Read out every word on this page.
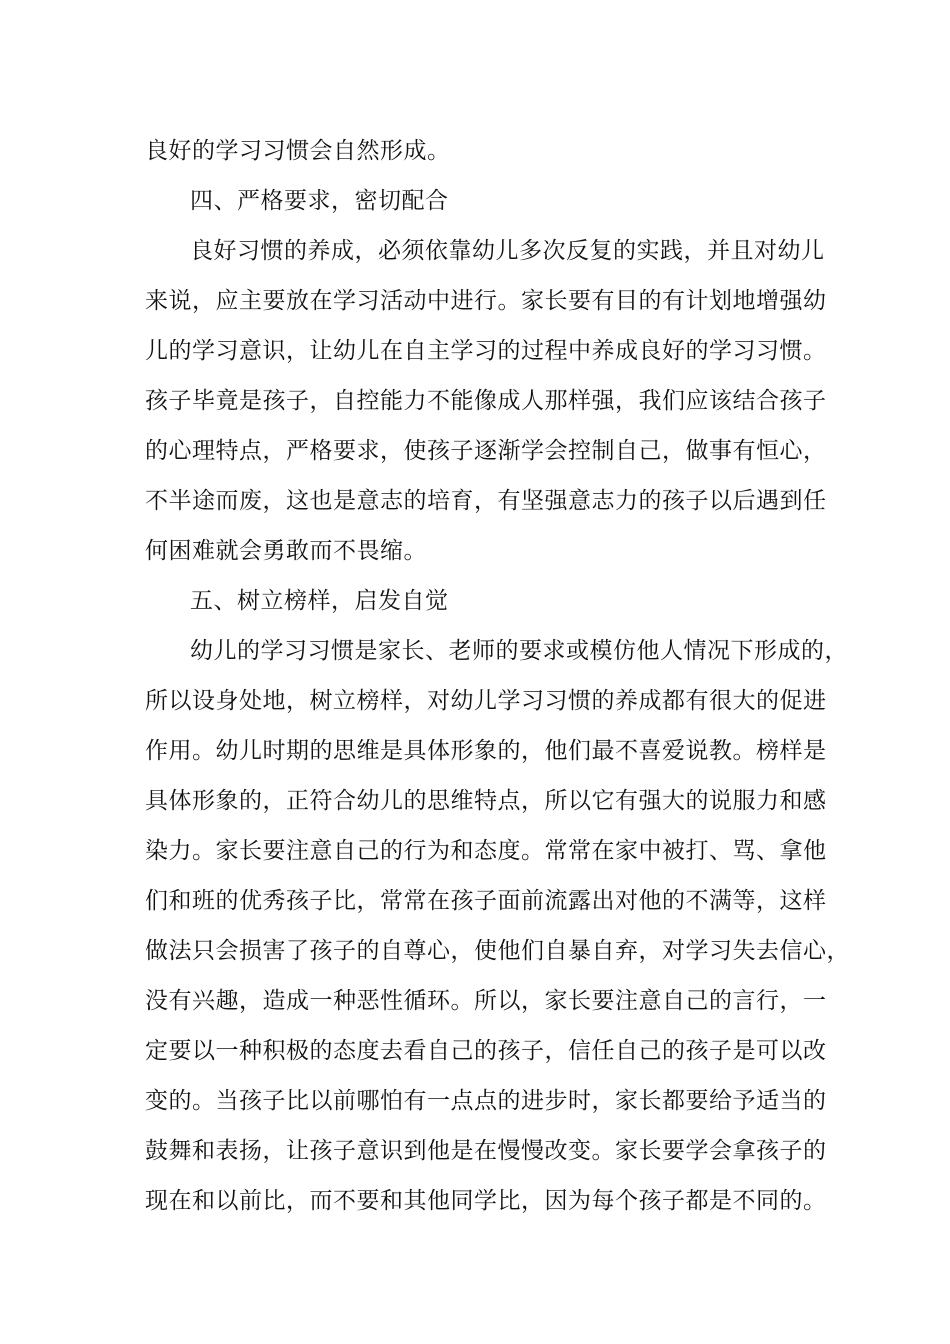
良好的学习习惯会自然形成。
四、严格要求，密切配合
良好习惯的养成，必须依靠幼儿多次反复的实践，并且对幼儿
来说，应主要放在学习活动中进行。家长要有目的有计划地增强幼
儿的学习意识，让幼儿在自主学习的过程中养成良好的学习习惯。
孩子毕竟是孩子，自控能力不能像成人那样强，我们应该结合孩子
的心理特点，严格要求，使孩子逐渐学会控制自己，做事有恒心，
不半途而废，这也是意志的培育，有坚强意志力的孩子以后遇到任
何困难就会勇敢而不畏缩。
五、树立榜样，启发自觉
幼儿的学习习惯是家长、老师的要求或模仿他人情况下形成的，
所以设身处地，树立榜样，对幼儿学习习惯的养成都有很大的促进
作用。幼儿时期的思维是具体形象的，他们最不喜爱说教。榜样是
具体形象的，正符合幼儿的思维特点，所以它有强大的说服力和感
染力。家长要注意自己的行为和态度。常常在家中被打、骂、拿他
们和班的优秀孩子比，常常在孩子面前流露出对他的不满等，这样
做法只会损害了孩子的自尊心，使他们自暴自弃，对学习失去信心，
没有兴趣，造成一种恶性循环。所以，家长要注意自己的言行，一
定要以一种积极的态度去看自己的孩子，信任自己的孩子是可以改
变的。当孩子比以前哪怕有一点点的进步时，家长都要给予适当的
鼓舞和表扬，让孩子意识到他是在慢慢改变。家长要学会拿孩子的
现在和以前比，而不要和其他同学比，因为每个孩子都是不同的。
